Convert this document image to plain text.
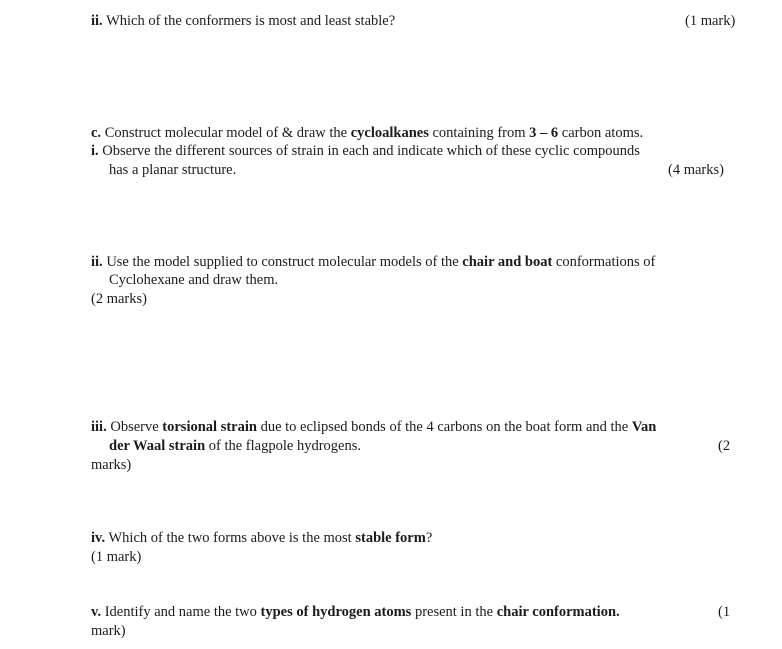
ii. Which of the conformers is most and least stable?	(1 mark)
c. Construct molecular model of & draw the cycloalkanes containing from 3 – 6 carbon atoms.
i. Observe the different sources of strain in each and indicate which of these cyclic compounds
has a planar structure.	(4 marks)
ii. Use the model supplied to construct molecular models of the chair and boat conformations of
Cyclohexane and draw them.
(2 marks)
iii. Observe torsional strain due to eclipsed bonds of the 4 carbons on the boat form and the Van
der Waal strain of the flagpole hydrogens.	(2
marks)
iv. Which of the two forms above is the most stable form?
(1 mark)
v. Identify and name the two types of hydrogen atoms present in the chair conformation.	(1
mark)
